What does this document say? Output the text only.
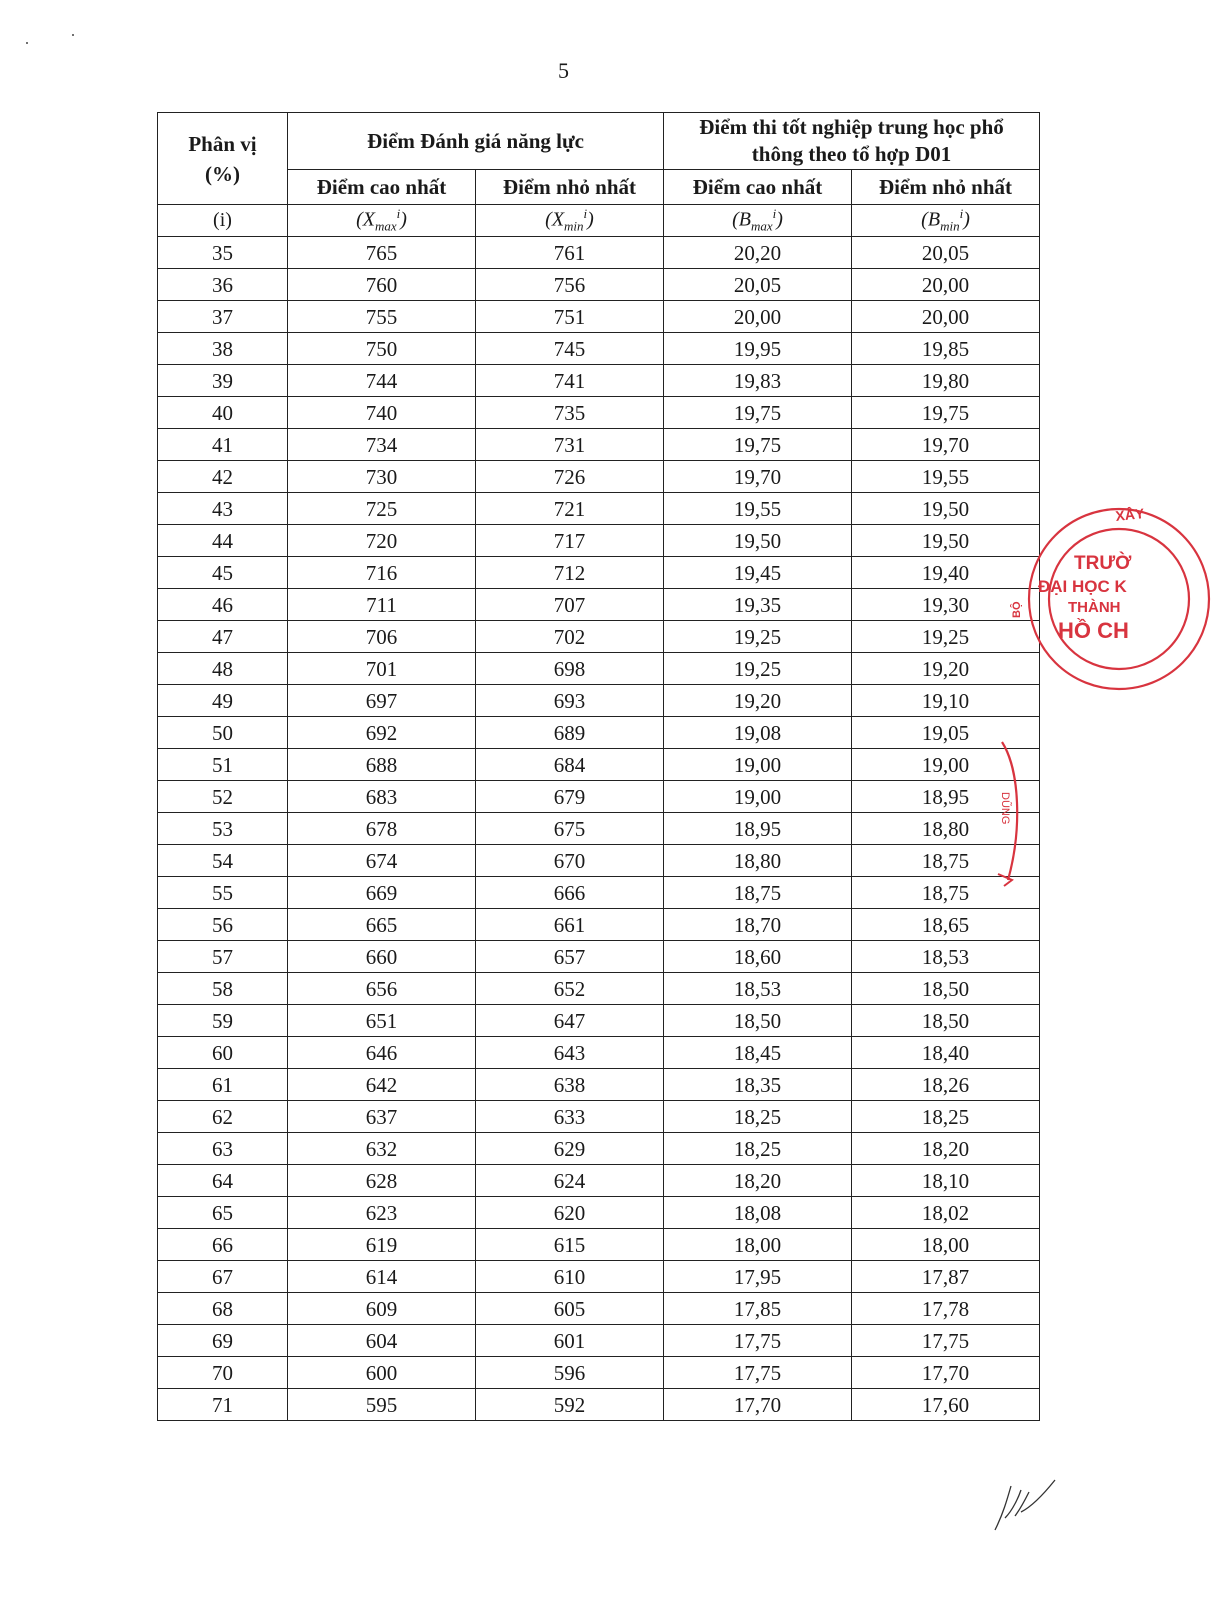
5
Phân vị
(%)	Điểm Đánh giá năng lực		Điểm thi tốt nghiệp trung học phổ thông theo tổ hợp D01	

	Điểm cao nhất	Điểm nhỏ nhất	Điểm cao nhất	Điểm nhỏ nhất
(i)	$(X_{max}^i)$	$(X_{min}^i)$	$(B_{max}^i)$	$(B_{min}^i)$
35	765	761	20,20	20,05
36	760	756	20,05	20,00
37	755	751	20,00	20,00
38	750	745	19,95	19,85
39	744	741	19,83	19,80
40	740	735	19,75	19,75
41	734	731	19,75	19,70
42	730	726	19,70	19,55
43	725	721	19,55	19,50
44	720	717	19,50	19,50
45	716	712	19,45	19,40
46	711	707	19,35	19,30
47	706	702	19,25	19,25
48	701	698	19,25	19,20
49	697	693	19,20	19,10
50	692	689	19,08	19,05
51	688	684	19,00	19,00
52	683	679	19,00	18,95
53	678	675	18,95	18,80
54	674	670	18,80	18,75
55	669	666	18,75	18,75
56	665	661	18,70	18,65
57	660	657	18,60	18,53
58	656	652	18,53	18,50
59	651	647	18,50	18,50
60	646	643	18,45	18,40
61	642	638	18,35	18,26
62	637	633	18,25	18,25
63	632	629	18,25	18,20
64	628	624	18,20	18,10
65	623	620	18,08	18,02
66	619	615	18,00	18,00
67	614	610	17,95	17,87
68	609	605	17,85	17,78
69	604	601	17,75	17,75
70	600	596	17,75	17,70
71	595	592	17,70	17,60
XÂY
TRƯỜ
ĐẠI HỌC K
THÀNH
HỒ CH
BỘ
DŨNG
